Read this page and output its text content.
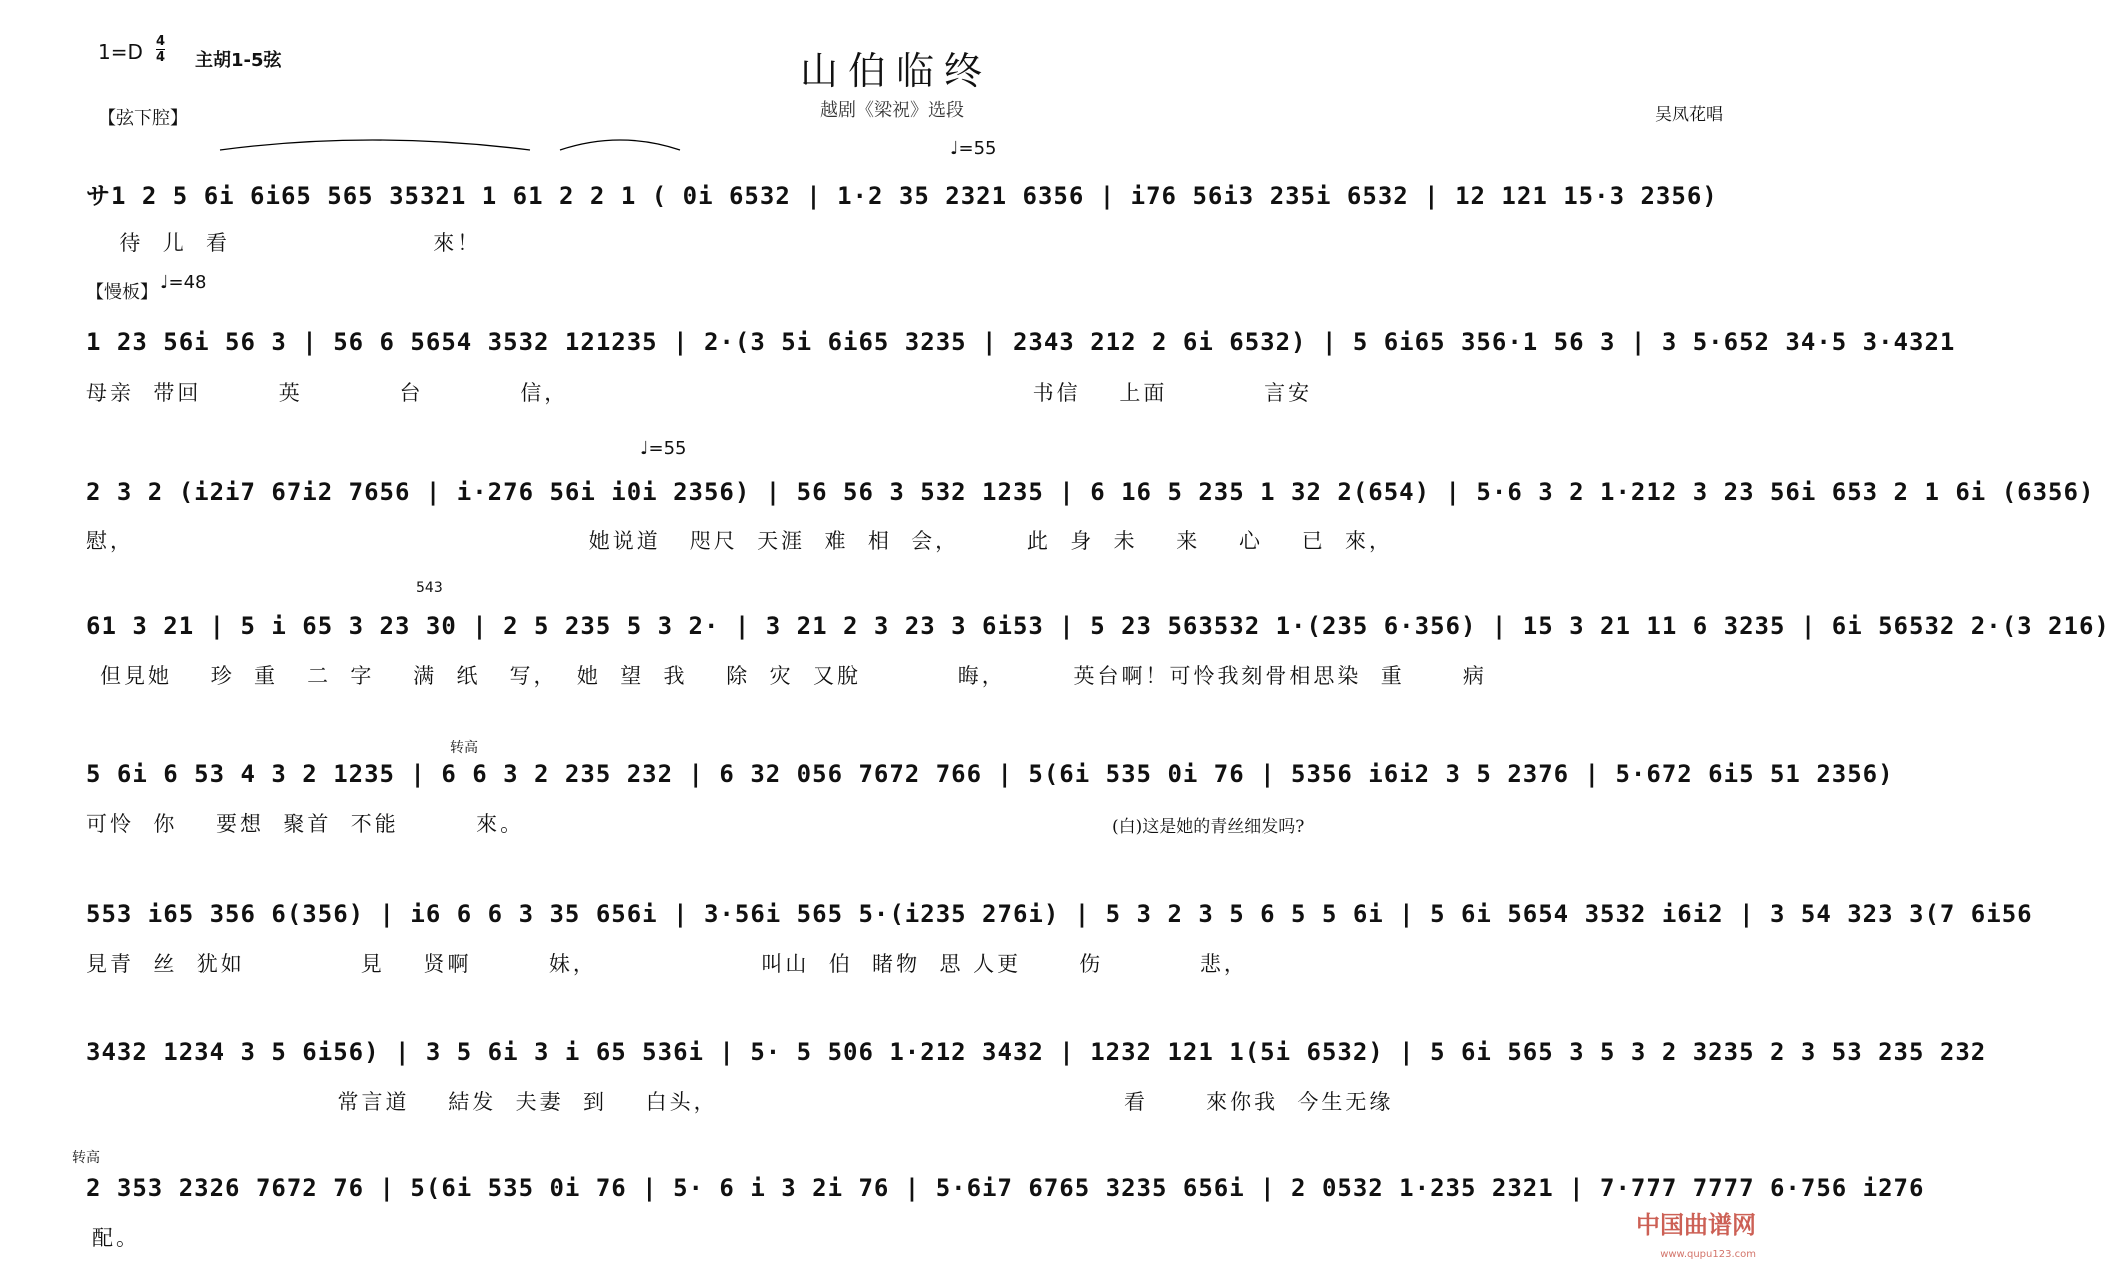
山伯临终
越剧《梁祝》选段	吴凤花唱
1=D 4
4 主胡1-5弦
【弦下腔】
【慢板】 ♩=48
♩=55
♩=55
转高
转高
543
サ1 2 5 6i 6i65 565 35321 1 61 2 2 1 ( 0i 6532 | 1·2 35 2321 6356 | i76 56i3 235i 6532 | 12 121 15·3 2356)
待  儿  看                     來！
1 23 56i 56 3 | 56 6 5654 3532 121235 | 2·(3 5i 6i65 3235 | 2343 212 2 6i 6532) | 5 6i65 356·1 56 3 | 3 5·652 34·5 3·4321
母亲  带回        英          台          信，                                                书信    上面          言安
2 3 2 (i2i7 67i2 7656 | i·276 56i i0i 2356) | 56 56 3 532 1235 | 6 16 5 235 1 32 2(654) | 5·6 3 2 1·212 3 23 56i 653 2 1 6i (6356)
慰，                                               她说道   咫尺  天涯  难  相  会，       此  身  未    来    心    已  來，
61 3 21 | 5 i 65 3 23 30 | 2 5 235 5 3 2· | 3 21 2 3 23 3 6i53 | 5 23 563532 1·(235 6·356) | 15 3 21 11 6 3235 | 6i 56532 2·(3 216)
但見她    珍  重   二  字    满  纸   写，  她  望  我    除  灾  又脫          晦，       英台啊！可怜我刻骨相思染  重      病
5 6i 6 53 4 3 2 1235 | 6 6 3 2 235 232 | 6 32 056 7672 766 | 5(6i 535 0i 76 | 5356 i6i2 3 5 2376 | 5·672 6i5 51 2356)
可怜  你    要想  聚首  不能        來。	(白)这是她的青丝细发吗?
553 i65 356 6(356) | i6 6 6 3 35 656i | 3·56i 565 5·(i235 276i) | 5 3 2 3 5 6 5 5 6i | 5 6i 5654 3532 i6i2 | 3 54 323 3(7 6i56
見青  丝  犹如            見    贤啊        妹，                 叫山  伯  睹物  思 人更      伤          悲，
3432 1234 3 5 6i56) | 3 5 6i 3 i 65 536i | 5· 5 506 1·212 3432 | 1232 121 1(5i 6532) | 5 6i 565 3 5 3 2 3235 2 3 53 235 232
常言道    結发  夫妻  到    白头，                                          看      來你我  今生无缘
2 353 2326 7672 76 | 5(6i 535 0i 76 | 5· 6 i 3 2i 76 | 5·6i7 6765 3235 656i | 2 0532 1·235 2321 | 7·777 7777 6·756 i276
配。	中国曲谱网
www.qupu123.com
